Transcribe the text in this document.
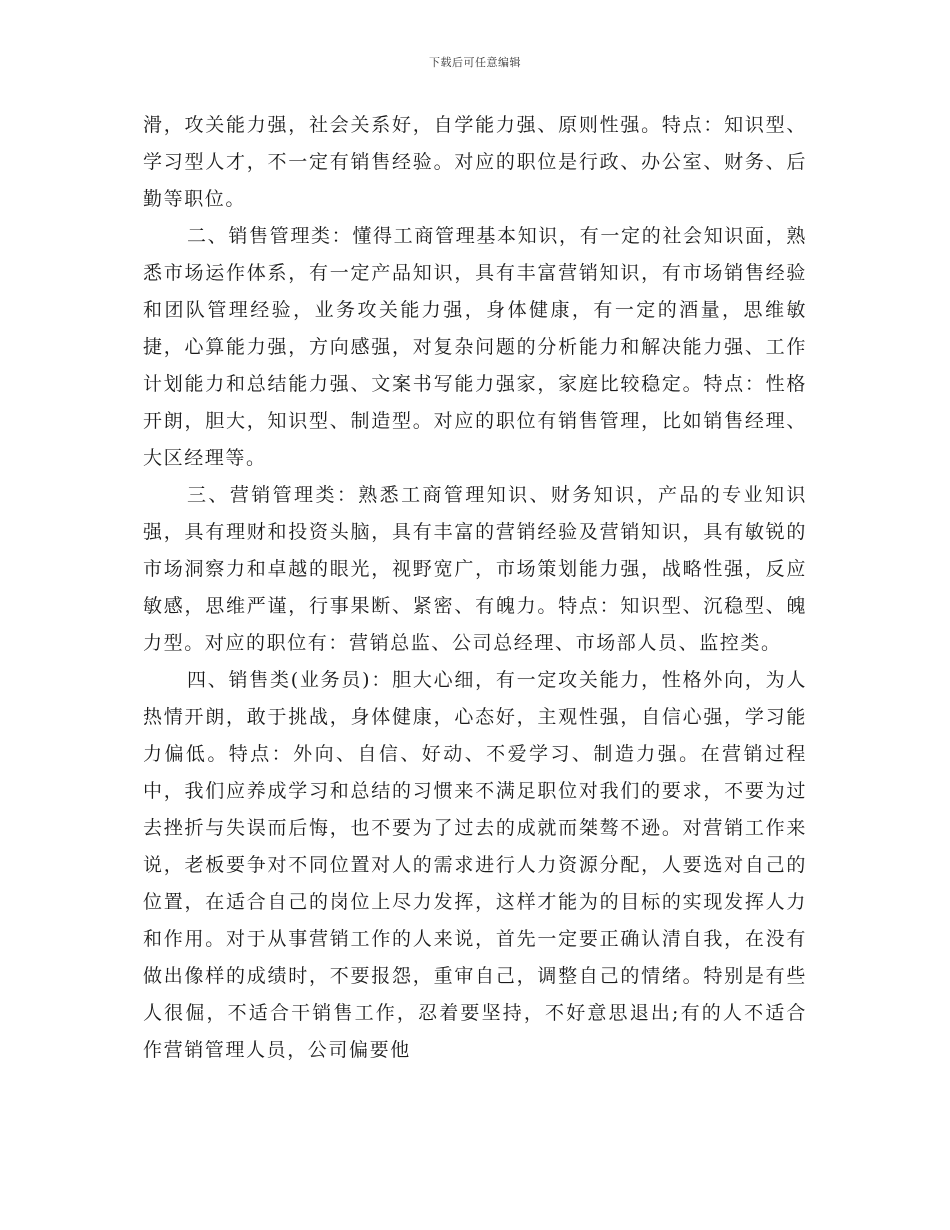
下载后可任意编辑

滑，攻关能力强，社会关系好，自学能力强、原则性强。特点：知识型、学习型人才，不一定有销售经验。对应的职位是行政、办公室、财务、后勤等职位。

二、销售管理类：懂得工商管理基本知识，有一定的社会知识面，熟悉市场运作体系，有一定产品知识，具有丰富营销知识，有市场销售经验和团队管理经验，业务攻关能力强，身体健康，有一定的酒量，思维敏捷，心算能力强，方向感强，对复杂问题的分析能力和解决能力强、工作计划能力和总结能力强、文案书写能力强家，家庭比较稳定。特点：性格开朗，胆大，知识型、制造型。对应的职位有销售管理，比如销售经理、大区经理等。

三、营销管理类：熟悉工商管理知识、财务知识，产品的专业知识强，具有理财和投资头脑，具有丰富的营销经验及营销知识，具有敏锐的市场洞察力和卓越的眼光，视野宽广，市场策划能力强，战略性强，反应敏感，思维严谨，行事果断、紧密、有魄力。特点：知识型、沉稳型、魄力型。对应的职位有：营销总监、公司总经理、市场部人员、监控类。

四、销售类(业务员)：胆大心细，有一定攻关能力，性格外向，为人热情开朗，敢于挑战，身体健康，心态好，主观性强，自信心强，学习能力偏低。特点：外向、自信、好动、不爱学习、制造力强。在营销过程中，我们应养成学习和总结的习惯来不满足职位对我们的要求，不要为过去挫折与失误而后悔，也不要为了过去的成就而桀骜不逊。对营销工作来说，老板要争对不同位置对人的需求进行人力资源分配，人要选对自己的位置，在适合自己的岗位上尽力发挥，这样才能为的目标的实现发挥人力和作用。对于从事营销工作的人来说，首先一定要正确认清自我，在没有做出像样的成绩时，不要报怨，重审自己，调整自己的情绪。特别是有些人很倔，不适合干销售工作，忍着要坚持，不好意思退出;有的人不适合作营销管理人员，公司偏要他
